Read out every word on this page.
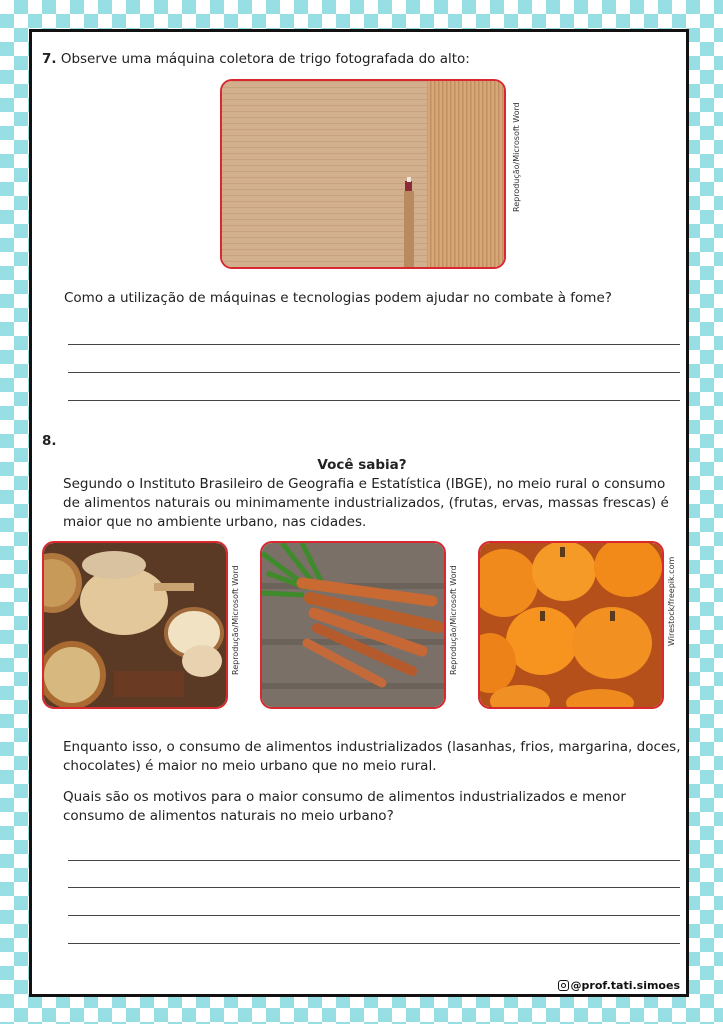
7. Observe uma máquina coletora de trigo fotografada do alto:

Reprodução/Microsoft Word

Como a utilização de máquinas e tecnologias podem ajudar no combate à fome?

8.

Você sabia?

Segundo o Instituto Brasileiro de Geografia e Estatística (IBGE), no meio rural o consumo de alimentos naturais ou minimamente industrializados, (frutas, ervas, massas frescas) é maior que no ambiente urbano, nas cidades.

Reprodução/Microsoft Word	Reprodução/Microsoft Word	Wirestock/freepik.com

Enquanto isso, o consumo de alimentos industrializados (lasanhas, frios, margarina, doces, chocolates) é maior no meio urbano que no meio rural.

Quais são os motivos para o maior consumo de alimentos industrializados e menor consumo de alimentos naturais no meio urbano?

@prof.tati.simoes
